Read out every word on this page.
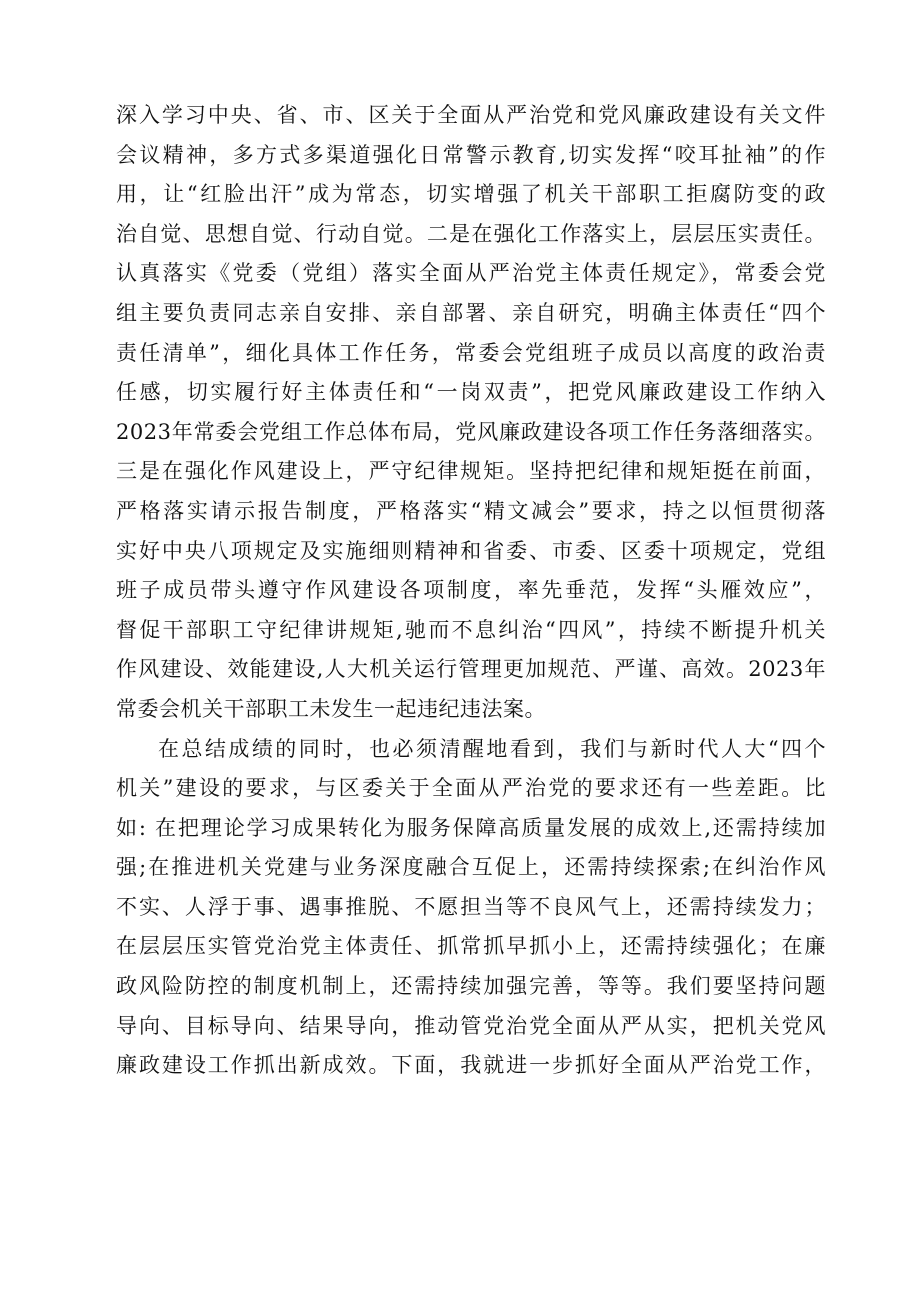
深入学习中央、省、市、区关于全面从严治党和党风廉政建设有关文件
会议精神，多方式多渠道强化日常警示教育,切实发挥“咬耳扯袖”的作
用，让“红脸出汗”成为常态，切实增强了机关干部职工拒腐防变的政
治自觉、思想自觉、行动自觉。二是在强化工作落实上，层层压实责任。
认真落实《党委（党组）落实全面从严治党主体责任规定》，常委会党
组主要负责同志亲自安排、亲自部署、亲自研究，明确主体责任“四个
责任清单”，细化具体工作任务，常委会党组班子成员以高度的政治责
任感，切实履行好主体责任和“一岗双责”，把党风廉政建设工作纳入
2023年常委会党组工作总体布局，党风廉政建设各项工作任务落细落实。
三是在强化作风建设上，严守纪律规矩。坚持把纪律和规矩挺在前面，
严格落实请示报告制度，严格落实“精文减会”要求，持之以恒贯彻落
实好中央八项规定及实施细则精神和省委、市委、区委十项规定，党组
班子成员带头遵守作风建设各项制度，率先垂范，发挥“头雁效应”，
督促干部职工守纪律讲规矩,驰而不息纠治“四风”，持续不断提升机关
作风建设、效能建设,人大机关运行管理更加规范、严谨、高效。2023年
常委会机关干部职工未发生一起违纪违法案。
在总结成绩的同时，也必须清醒地看到，我们与新时代人大“四个
机关”建设的要求，与区委关于全面从严治党的要求还有一些差距。比
如: 在把理论学习成果转化为服务保障高质量发展的成效上,还需持续加
强;在推进机关党建与业务深度融合互促上，还需持续探索;在纠治作风
不实、人浮于事、遇事推脱、不愿担当等不良风气上，还需持续发力；
在层层压实管党治党主体责任、抓常抓早抓小上，还需持续强化；在廉
政风险防控的制度机制上，还需持续加强完善，等等。我们要坚持问题
导向、目标导向、结果导向，推动管党治党全面从严从实，把机关党风
廉政建设工作抓出新成效。下面，我就进一步抓好全面从严治党工作，
